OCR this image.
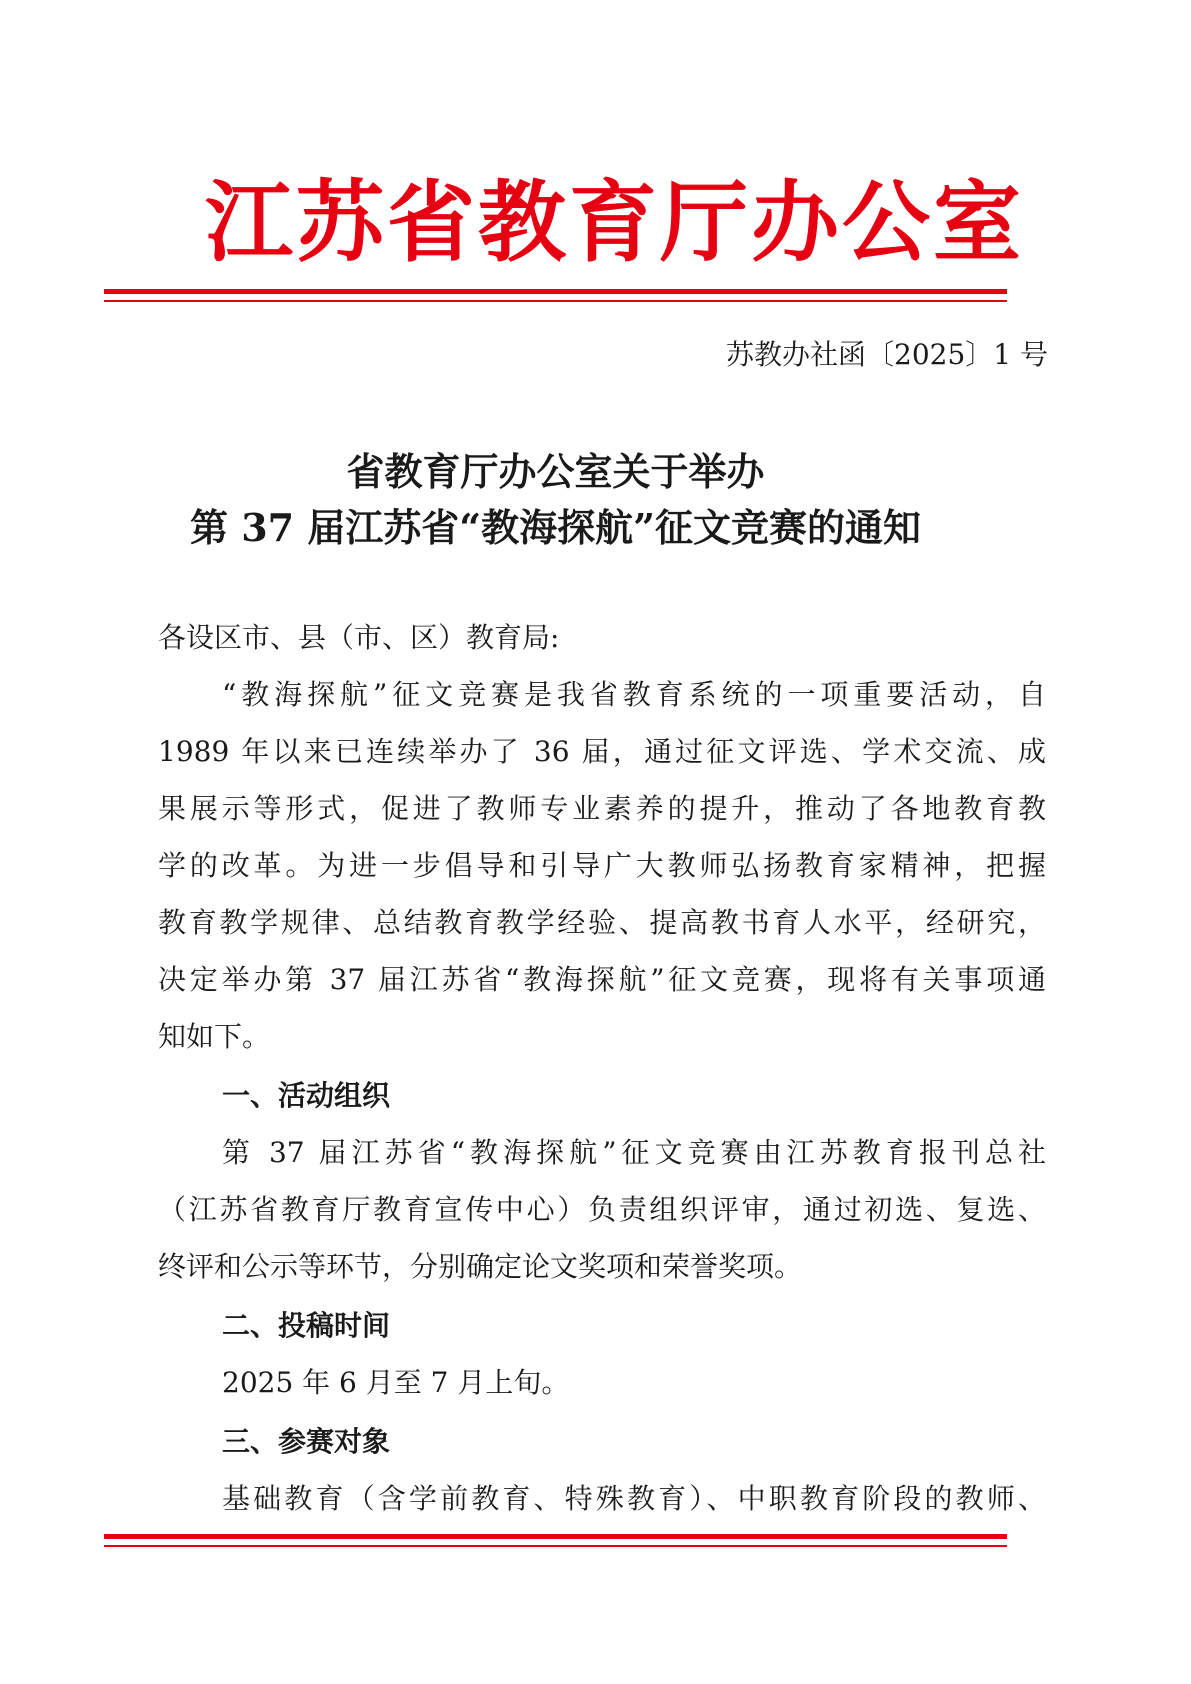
江苏省教育厅办公室
苏教办社函〔2025〕1 号
省教育厅办公室关于举办
第 37 届江苏省“教海探航”征文竞赛的通知
各设区市、县（市、区）教育局:
“教海探航”征文竞赛是我省教育系统的一项重要活动，自
1989 年以来已连续举办了 36 届，通过征文评选、学术交流、成
果展示等形式，促进了教师专业素养的提升，推动了各地教育教
学的改革。为进一步倡导和引导广大教师弘扬教育家精神，把握
教育教学规律、总结教育教学经验、提高教书育人水平，经研究，
决定举办第 37 届江苏省“教海探航”征文竞赛，现将有关事项通
知如下。
一、活动组织
第 37 届江苏省“教海探航”征文竞赛由江苏教育报刊总社
（江苏省教育厅教育宣传中心）负责组织评审，通过初选、复选、
终评和公示等环节，分别确定论文奖项和荣誉奖项。
二、投稿时间
2025 年 6 月至 7 月上旬。
三、参赛对象
基础教育（含学前教育、特殊教育）、中职教育阶段的教师、
